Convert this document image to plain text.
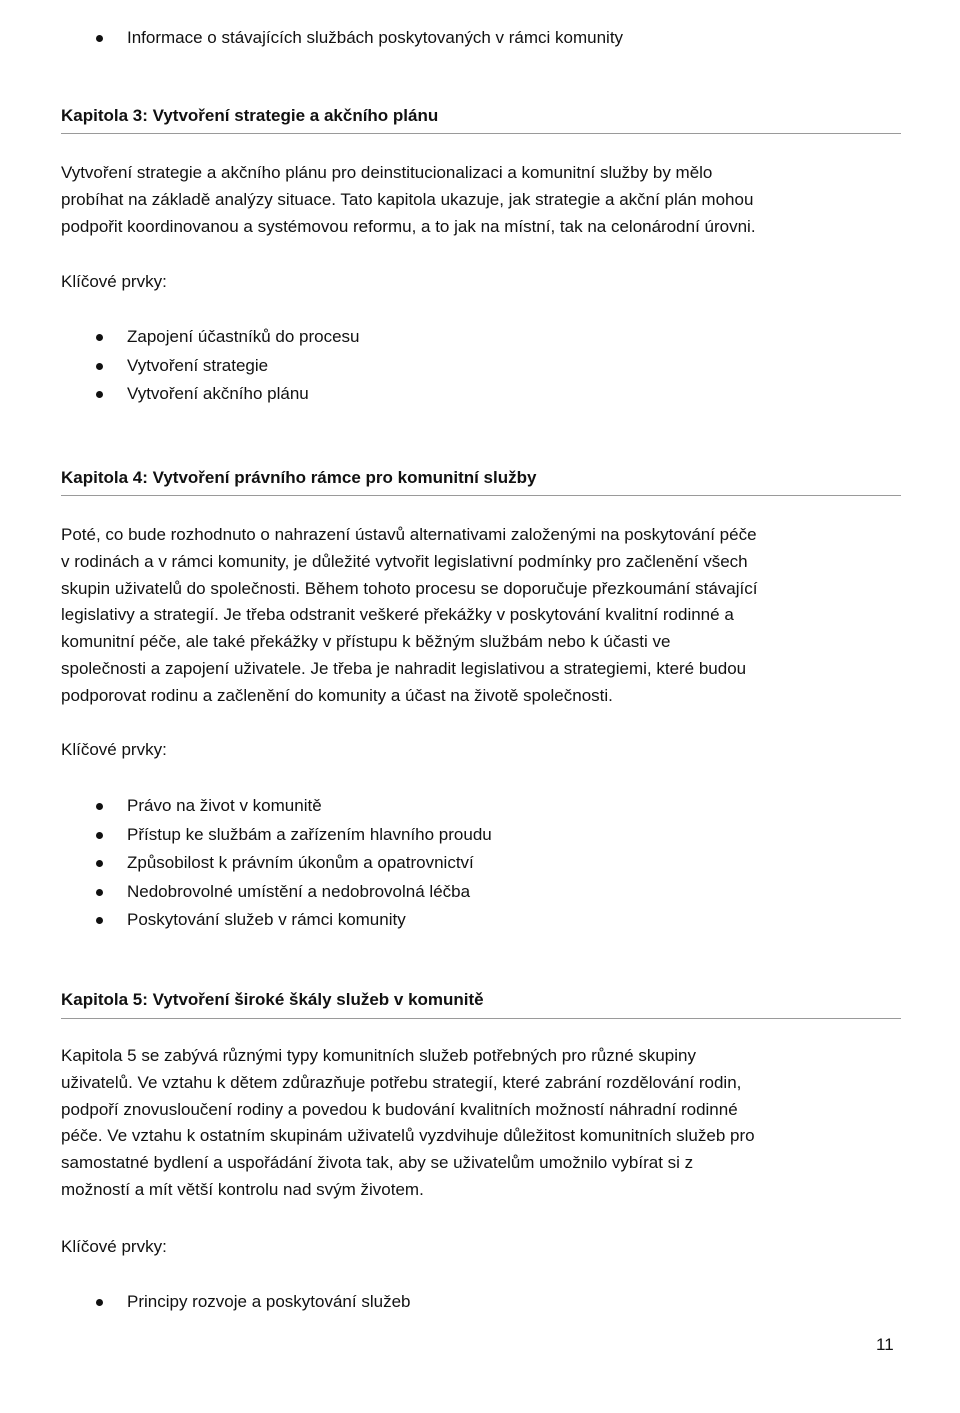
Informace o stávajících službách poskytovaných v rámci komunity
Kapitola 3: Vytvoření strategie a akčního plánu
Vytvoření strategie a akčního plánu pro deinstitucionalizaci a komunitní služby by mělo
probíhat na základě analýzy situace. Tato kapitola ukazuje, jak strategie a akční plán mohou
podpořit koordinovanou a systémovou reformu, a to jak na místní, tak na celonárodní úrovni.
Klíčové prvky:
Zapojení účastníků do procesu
Vytvoření strategie
Vytvoření akčního plánu
Kapitola 4: Vytvoření právního rámce pro komunitní služby
Poté, co bude rozhodnuto o nahrazení ústavů alternativami založenými na poskytování péče
v rodinách a v rámci komunity, je důležité vytvořit legislativní podmínky pro začlenění všech
skupin uživatelů do společnosti. Během tohoto procesu se doporučuje přezkoumání stávající
legislativy a strategií. Je třeba odstranit veškeré překážky v poskytování kvalitní rodinné a
komunitní péče, ale také překážky v přístupu k běžným službám nebo k účasti ve
společnosti a zapojení uživatele. Je třeba je nahradit legislativou a strategiemi, které budou
podporovat rodinu a začlenění do komunity a účast na životě společnosti.
Klíčové prvky:
Právo na život v komunitě
Přístup ke službám a zařízením hlavního proudu
Způsobilost k právním úkonům a opatrovnictví
Nedobrovolné umístění a nedobrovolná léčba
Poskytování služeb v rámci komunity
Kapitola 5: Vytvoření široké škály služeb v komunitě
Kapitola 5 se zabývá různými typy komunitních služeb potřebných pro různé skupiny
uživatelů. Ve vztahu k dětem zdůrazňuje potřebu strategií, které zabrání rozdělování rodin,
podpoří znovusloučení rodiny a povedou k budování kvalitních možností náhradní rodinné
péče. Ve vztahu k ostatním skupinám uživatelů vyzdvihuje důležitost komunitních služeb pro
samostatné bydlení a uspořádání života tak, aby se uživatelům umožnilo vybírat si z
možností a mít větší kontrolu nad svým životem.
Klíčové prvky:
Principy rozvoje a poskytování služeb
11
